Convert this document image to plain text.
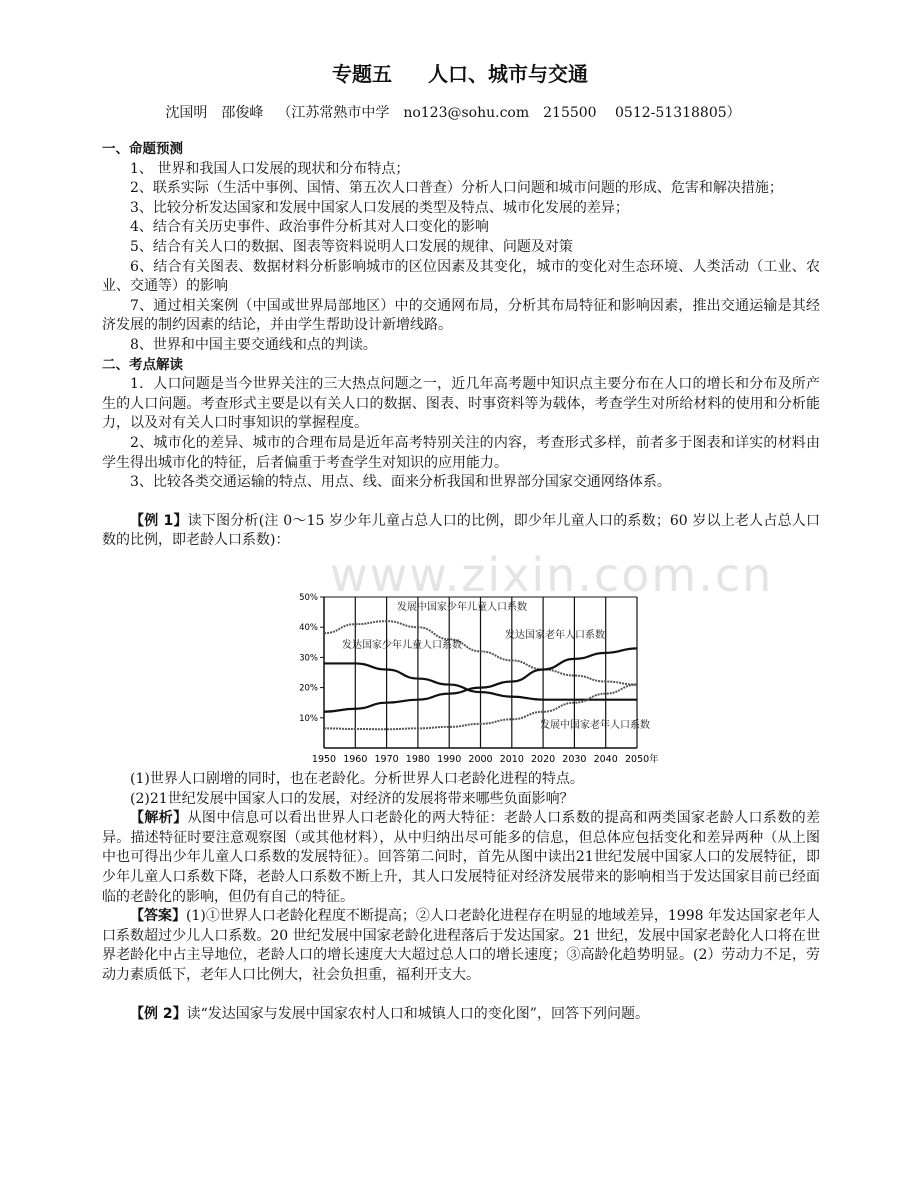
专题五 人口、城市与交通
沈国明 邵俊峰 （江苏常熟市中学　no123@sohu.com　215500　 0512-51318805）
一、命题预测
1、 世界和我国人口发展的现状和分布特点；
2、联系实际（生活中事例、国情、第五次人口普查）分析人口问题和城市问题的形成、危害和解决措施；
3、比较分析发达国家和发展中国家人口发展的类型及特点、城市化发展的差异；
4、结合有关历史事件、政治事件分析其对人口变化的影响
5、结合有关人口的数据、图表等资料说明人口发展的规律、问题及对策
6、结合有关图表、数据材料分析影响城市的区位因素及其变化，城市的变化对生态环境、人类活动（工业、农业、交通等）的影响
7、通过相关案例（中国或世界局部地区）中的交通网布局，分析其布局特征和影响因素，推出交通运输是其经济发展的制约因素的结论，并由学生帮助设计新增线路。
8、世界和中国主要交通线和点的判读。
二、考点解读
1．人口问题是当今世界关注的三大热点问题之一，近几年高考题中知识点主要分布在人口的增长和分布及所产生的人口问题。考查形式主要是以有关人口的数据、图表、时事资料等为载体，考查学生对所给材料的使用和分析能力，以及对有关人口时事知识的掌握程度。
2、城市化的差异、城市的合理布局是近年高考特别关注的内容，考查形式多样，前者多于图表和详实的材料由学生得出城市化的特征，后者偏重于考查学生对知识的应用能力。
3、比较各类交通运输的特点、用点、线、面来分析我国和世界部分国家交通网络体系。
【例 1】读下图分析(注 0～15 岁少年儿童占总人口的比例，即少年儿童人口的系数；60 岁以上老人占总人口数的比例，即老龄人口系数)：
www.zixin.com.cn
1950 1960 1970 1980 1990 2000 2010 2020 2030 2040 2050年
10%
20%
30%
40%
50%
发展中国家少年儿童人口系数
发达国家少年儿童人口系数
发达国家老年人口系数
发展中国家老年人口系数
(1)世界人口剧增的同时，也在老龄化。分析世界人口老龄化进程的特点。
(2)21世纪发展中国家人口的发展，对经济的发展将带来哪些负面影响？
【解析】从图中信息可以看出世界人口老龄化的两大特征：老龄人口系数的提高和两类国家老龄人口系数的差异。描述特征时要注意观察图（或其他材料），从中归纳出尽可能多的信息，但总体应包括变化和差异两种（从上图中也可得出少年儿童人口系数的发展特征）。回答第二问时，首先从图中读出21世纪发展中国家人口的发展特征，即少年儿童人口系数下降，老龄人口系数不断上升，其人口发展特征对经济发展带来的影响相当于发达国家目前已经面临的老龄化的影响，但仍有自己的特征。
【答案】(1)①世界人口老龄化程度不断提高；②人口老龄化进程存在明显的地域差异，1998 年发达国家老年人口系数超过少儿人口系数。20 世纪发展中国家老龄化进程落后于发达国家。21 世纪，发展中国家老龄化人口将在世界老龄化中占主导地位，老龄人口的增长速度大大超过总人口的增长速度；③高龄化趋势明显。(2）劳动力不足，劳动力素质低下，老年人口比例大，社会负担重，福利开支大。
【例 2】读“发达国家与发展中国家农村人口和城镇人口的变化图”，回答下列问题。
